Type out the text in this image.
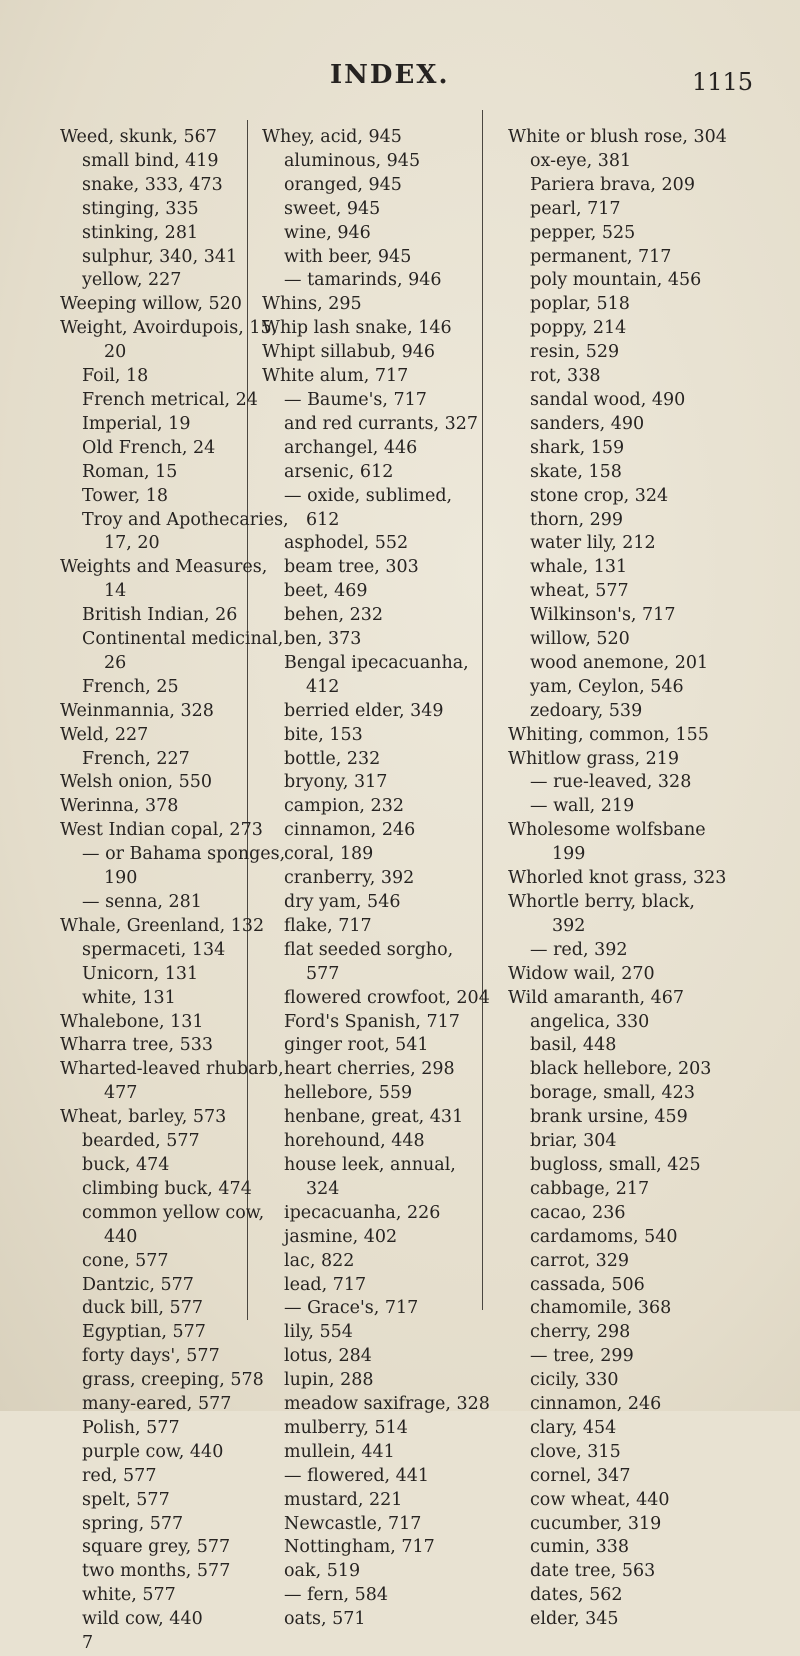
INDEX.	1115
Weed, skunk, 567
small bind, 419
snake, 333, 473
stinging, 335
stinking, 281
sulphur, 340, 341
yellow, 227
Weeping willow, 520
Weight, Avoirdupois, 15,
20
Foil, 18
French metrical, 24
Imperial, 19
Old French, 24
Roman, 15
Tower, 18
Troy and Apothecaries,
17, 20
Weights and Measures,
14
British Indian, 26
Continental medicinal,
26
French, 25
Weinmannia, 328
Weld, 227
French, 227
Welsh onion, 550
Werinna, 378
West Indian copal, 273
— or Bahama sponges,
190
— senna, 281
Whale, Greenland, 132
spermaceti, 134
Unicorn, 131
white, 131
Whalebone, 131
Wharra tree, 533
Wharted-leaved rhubarb,
477
Wheat, barley, 573
bearded, 577
buck, 474
climbing buck, 474
common yellow cow,
440
cone, 577
Dantzic, 577
duck bill, 577
Egyptian, 577
forty days', 577
grass, creeping, 578
many-eared, 577
Polish, 577
purple cow, 440
red, 577
spelt, 577
spring, 577
square grey, 577
two months, 577
white, 577
wild cow, 440
7
Whey, acid, 945
aluminous, 945
oranged, 945
sweet, 945
wine, 946
with beer, 945
— tamarinds, 946
Whins, 295
Whip lash snake, 146
Whipt sillabub, 946
White alum, 717
— Baume's, 717
and red currants, 327
archangel, 446
arsenic, 612
— oxide, sublimed,
612
asphodel, 552
beam tree, 303
beet, 469
behen, 232
ben, 373
Bengal ipecacuanha,
412
berried elder, 349
bite, 153
bottle, 232
bryony, 317
campion, 232
cinnamon, 246
coral, 189
cranberry, 392
dry yam, 546
flake, 717
flat seeded sorgho,
577
flowered crowfoot, 204
Ford's Spanish, 717
ginger root, 541
heart cherries, 298
hellebore, 559
henbane, great, 431
horehound, 448
house leek, annual,
324
ipecacuanha, 226
jasmine, 402
lac, 822
lead, 717
— Grace's, 717
lily, 554
lotus, 284
lupin, 288
meadow saxifrage, 328
mulberry, 514
mullein, 441
— flowered, 441
mustard, 221
Newcastle, 717
Nottingham, 717
oak, 519
— fern, 584
oats, 571
White or blush rose, 304
ox-eye, 381
Pariera brava, 209
pearl, 717
pepper, 525
permanent, 717
poly mountain, 456
poplar, 518
poppy, 214
resin, 529
rot, 338
sandal wood, 490
sanders, 490
shark, 159
skate, 158
stone crop, 324
thorn, 299
water lily, 212
whale, 131
wheat, 577
Wilkinson's, 717
willow, 520
wood anemone, 201
yam, Ceylon, 546
zedoary, 539
Whiting, common, 155
Whitlow grass, 219
— rue-leaved, 328
— wall, 219
Wholesome wolfsbane
199
Whorled knot grass, 323
Whortle berry, black,
392
— red, 392
Widow wail, 270
Wild amaranth, 467
angelica, 330
basil, 448
black hellebore, 203
borage, small, 423
brank ursine, 459
briar, 304
bugloss, small, 425
cabbage, 217
cacao, 236
cardamoms, 540
carrot, 329
cassada, 506
chamomile, 368
cherry, 298
— tree, 299
cicily, 330
cinnamon, 246
clary, 454
clove, 315
cornel, 347
cow wheat, 440
cucumber, 319
cumin, 338
date tree, 563
dates, 562
elder, 345
